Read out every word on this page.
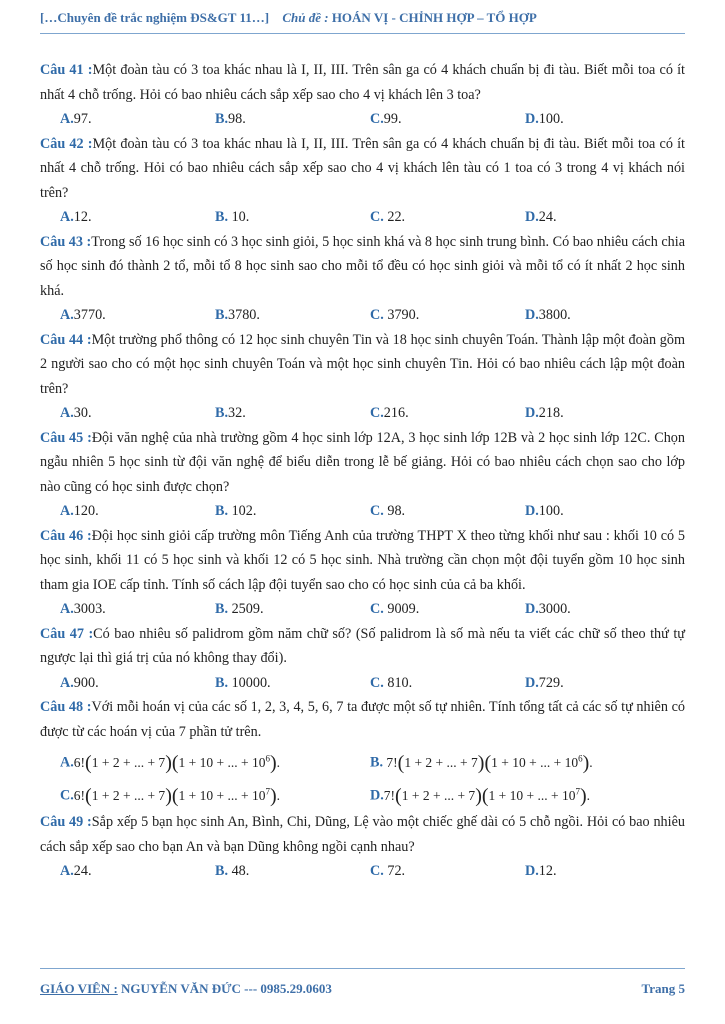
[…Chuyên đề trắc nghiệm ĐS&GT 11…] Chủ đề : HOÁN VỊ - CHỈNH HỢP – TỔ HỢP
Câu 41 :Một đoàn tàu có 3 toa khác nhau là I, II, III. Trên sân ga có 4 khách chuẩn bị đi tàu. Biết mỗi toa có ít nhất 4 chỗ trống. Hỏi có bao nhiêu cách sắp xếp sao cho 4 vị khách lên 3 toa?
A.97.	B.98.	C.99.	D.100.
Câu 42 :Một đoàn tàu có 3 toa khác nhau là I, II, III. Trên sân ga có 4 khách chuẩn bị đi tàu. Biết mỗi toa có ít nhất 4 chỗ trống. Hỏi có bao nhiêu cách sắp xếp sao cho 4 vị khách lên tàu có 1 toa có 3 trong 4 vị khách nói trên?
A.12.	B. 10.	C. 22.	D.24.
Câu 43 :Trong số 16 học sinh có 3 học sinh giỏi, 5 học sinh khá và 8 học sinh trung bình. Có bao nhiêu cách chia số học sinh đó thành 2 tổ, mỗi tổ 8 học sinh sao cho mỗi tổ đều có học sinh giỏi và mỗi tổ có ít nhất 2 học sinh khá.
A.3770.	B.3780.	C. 3790.	D.3800.
Câu 44 :Một trường phổ thông có 12 học sinh chuyên Tin và 18 học sinh chuyên Toán. Thành lập một đoàn gồm 2 người sao cho có một học sinh chuyên Toán và một học sinh chuyên Tin. Hỏi có bao nhiêu cách lập một đoàn trên?
A.30.	B.32.	C.216.	D.218.
Câu 45 :Đội văn nghệ của nhà trường gồm 4 học sinh lớp 12A, 3 học sinh lớp 12B và 2 học sinh lớp 12C. Chọn ngẫu nhiên 5 học sinh từ đội văn nghệ để biểu diễn trong lễ bế giảng. Hỏi có bao nhiêu cách chọn sao cho lớp nào cũng có học sinh được chọn?
A.120.	B. 102.	C. 98.	D.100.
Câu 46 :Đội học sinh giỏi cấp trường môn Tiếng Anh của trường THPT X theo từng khối như sau : khối 10 có 5 học sinh, khối 11 có 5 học sinh và khối 12 có 5 học sinh. Nhà trường cần chọn một đội tuyển gồm 10 học sinh tham gia IOE cấp tỉnh. Tính số cách lập đội tuyển sao cho có học sinh của cả ba khối.
A.3003.	B. 2509.	C. 9009.	D.3000.
Câu 47 :Có bao nhiêu số palidrom gồm năm chữ số? (Số palidrom là số mà nếu ta viết các chữ số theo thứ tự ngược lại thì giá trị của nó không thay đổi).
A.900.	B. 10000.	C. 810.	D.729.
Câu 48 :Với mỗi hoán vị của các số 1, 2, 3, 4, 5, 6, 7 ta được một số tự nhiên. Tính tổng tất cả các số tự nhiên có được từ các hoán vị của 7 phần tử trên.
A.6!(1 + 2 + ... + 7)(1 + 10 + ... + $10^6$).	B. 7!(1 + 2 + ... + 7)(1 + 10 + ... + $10^6$).
C.6!(1 + 2 + ... + 7)(1 + 10 + ... + $10^7$).	D.7!(1 + 2 + ... + 7)(1 + 10 + ... + $10^7$).
Câu 49 :Sắp xếp 5 bạn học sinh An, Bình, Chi, Dũng, Lệ vào một chiếc ghế dài có 5 chỗ ngồi. Hỏi có bao nhiêu cách sắp xếp sao cho bạn An và bạn Dũng không ngồi cạnh nhau?
A.24.	B. 48.	C. 72.	D.12.
GIÁO VIÊN : NGUYỄN VĂN ĐỨC --- 0985.29.0603	Trang 5
